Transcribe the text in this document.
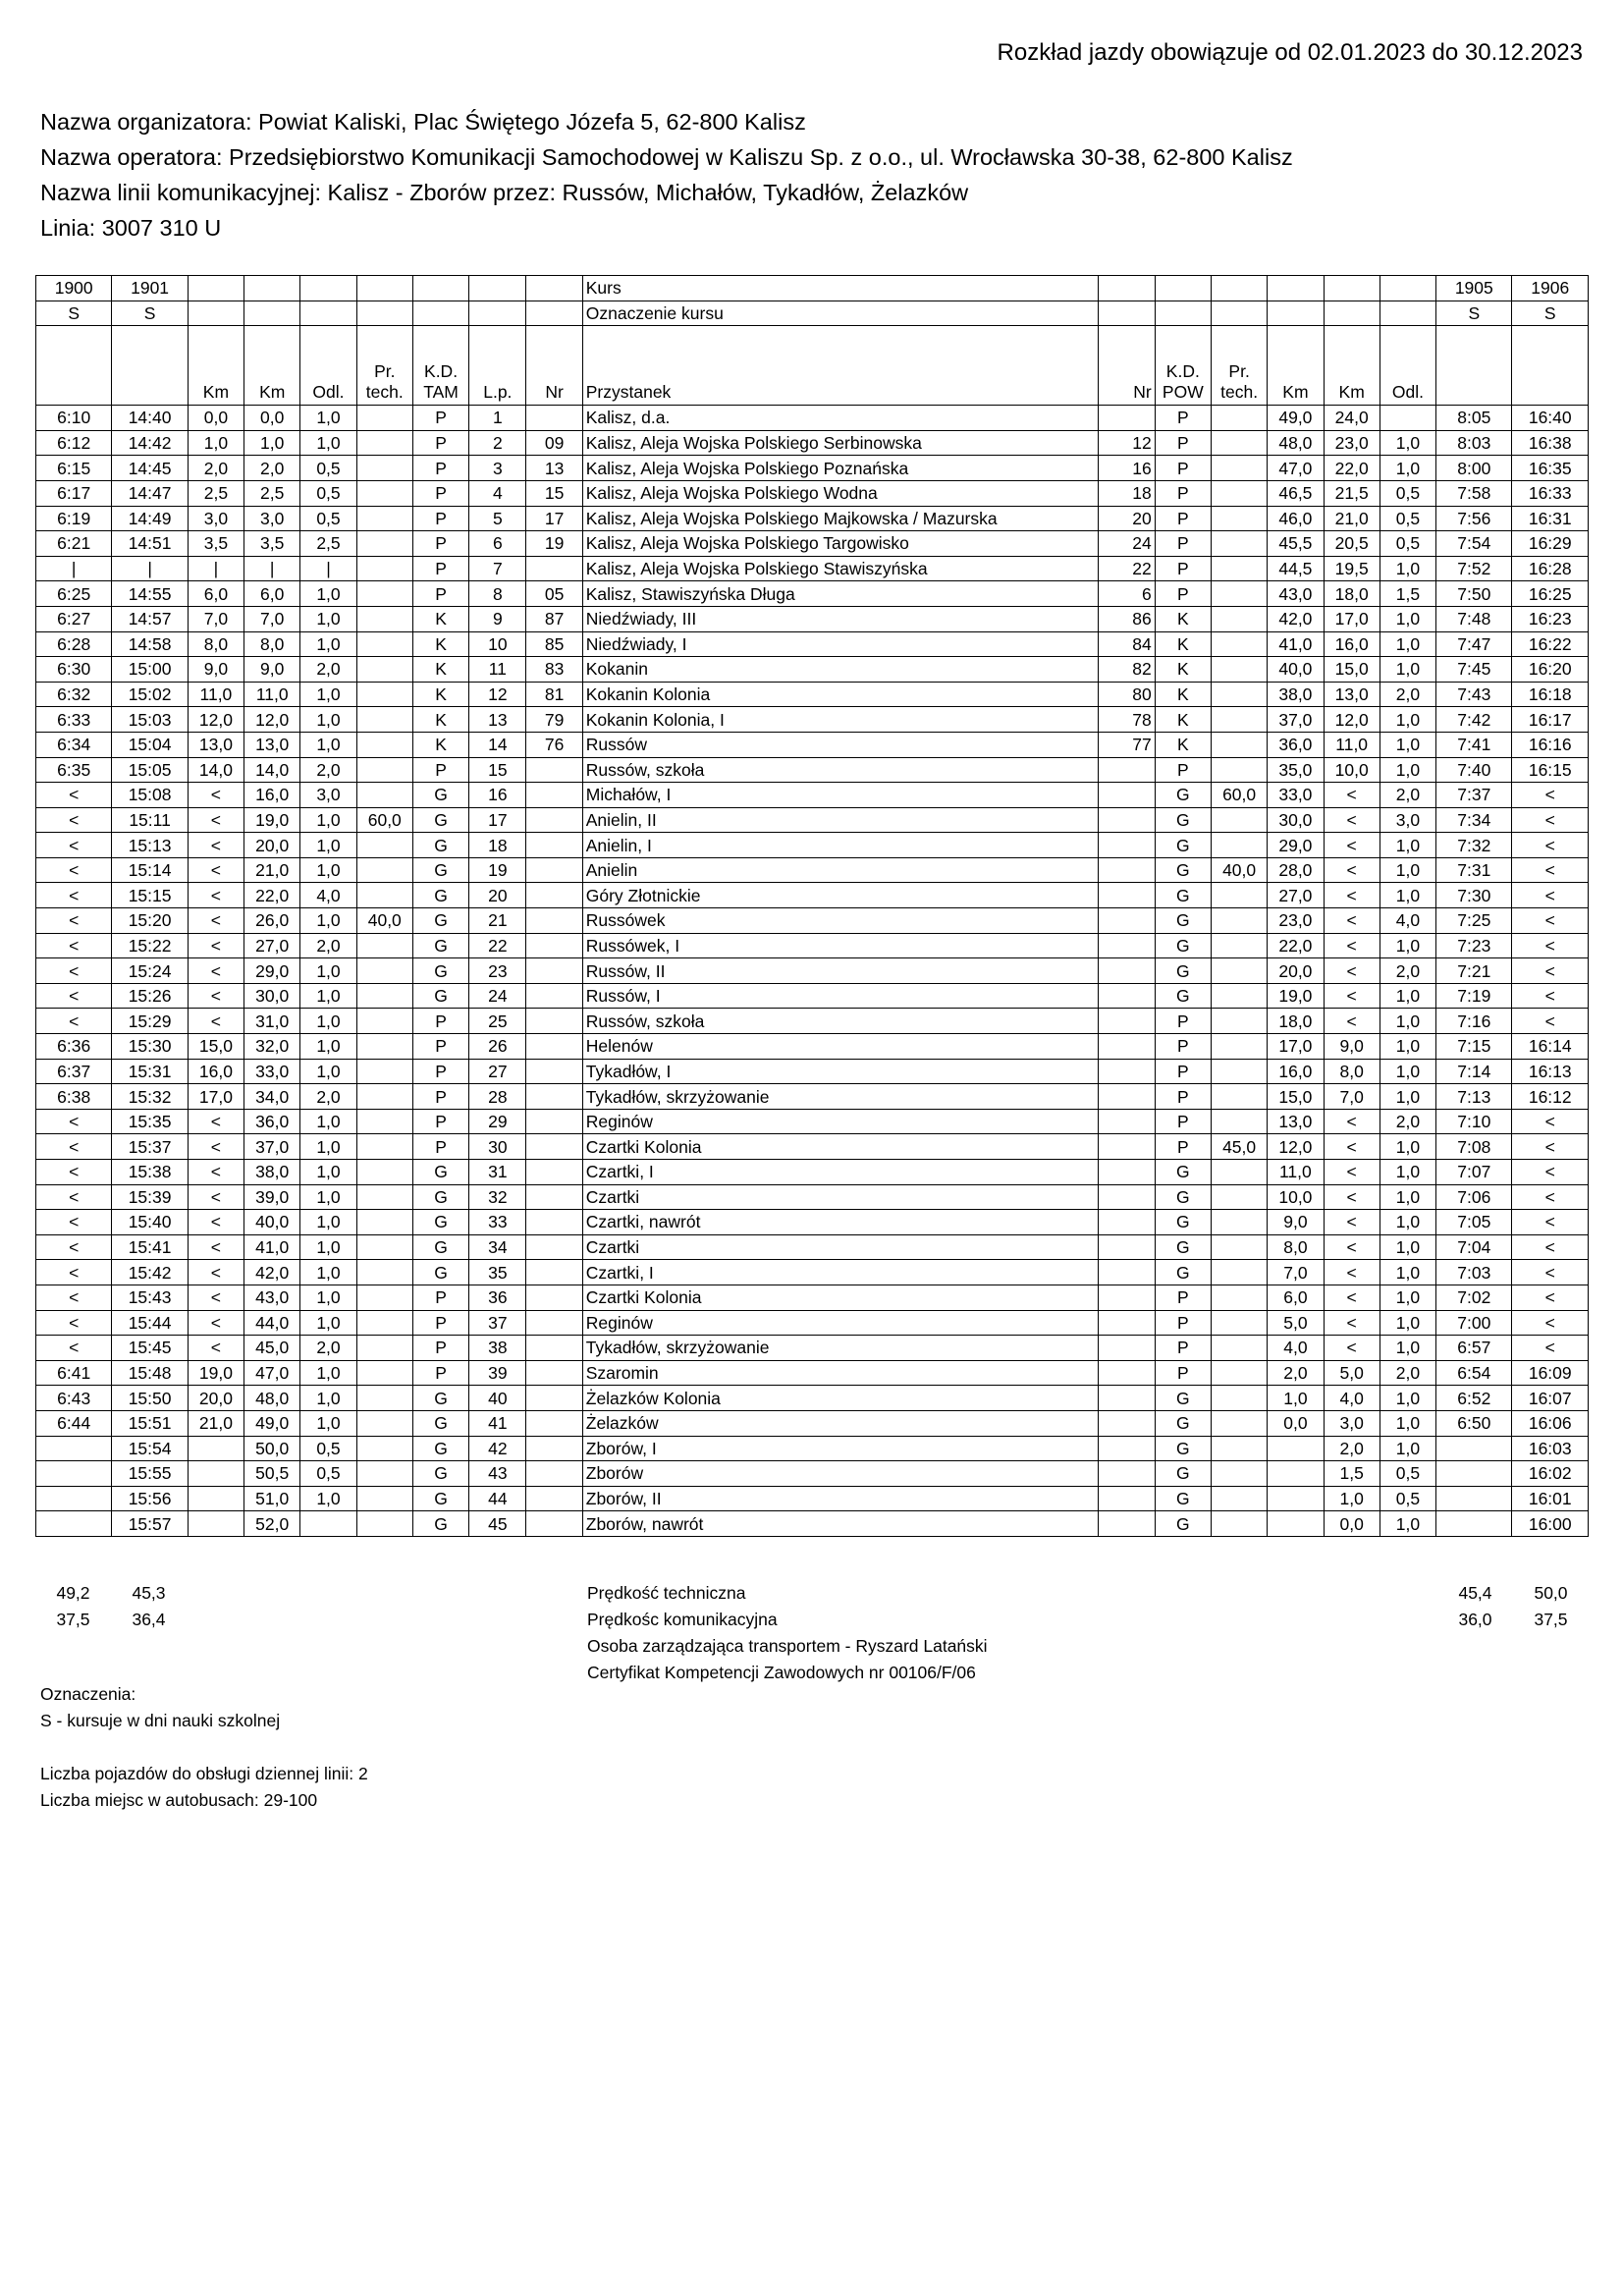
Rozkład jazdy obowiązuje od 02.01.2023 do 30.12.2023
Nazwa organizatora: Powiat Kaliski, Plac Świętego Józefa 5, 62-800 Kalisz
Nazwa operatora: Przedsiębiorstwo Komunikacji Samochodowej w Kaliszu Sp. z o.o., ul. Wrocławska 30-38, 62-800 Kalisz
Nazwa linii komunikacyjnej: Kalisz - Zborów przez: Russów, Michałów, Tykadłów, Żelazków
Linia: 3007 310 U
1900	1901								Kurs							1905	1906
S	S								Oznaczenie kursu							S	S
		Km	Km	Odl.	Pr. tech.	K.D. TAM	L.p.	Nr	Przystanek	Nr	K.D. POW	Pr. tech.	Km	Km	Odl.		
6:10	14:40	0,0	0,0	1,0		P	1		Kalisz, d.a.		P		49,0	24,0		8:05	16:40
6:12	14:42	1,0	1,0	1,0		P	2	09	Kalisz, Aleja Wojska Polskiego Serbinowska	12	P		48,0	23,0	1,0	8:03	16:38
6:15	14:45	2,0	2,0	0,5		P	3	13	Kalisz, Aleja Wojska Polskiego Poznańska	16	P		47,0	22,0	1,0	8:00	16:35
6:17	14:47	2,5	2,5	0,5		P	4	15	Kalisz, Aleja Wojska Polskiego Wodna	18	P		46,5	21,5	0,5	7:58	16:33
6:19	14:49	3,0	3,0	0,5		P	5	17	Kalisz, Aleja Wojska Polskiego Majkowska / Mazurska	20	P		46,0	21,0	0,5	7:56	16:31
6:21	14:51	3,5	3,5	2,5		P	6	19	Kalisz, Aleja Wojska Polskiego Targowisko	24	P		45,5	20,5	0,5	7:54	16:29
|	|	|	|	|		P	7		Kalisz, Aleja Wojska Polskiego Stawiszyńska	22	P		44,5	19,5	1,0	7:52	16:28
6:25	14:55	6,0	6,0	1,0		P	8	05	Kalisz, Stawiszyńska Długa	6	P		43,0	18,0	1,5	7:50	16:25
6:27	14:57	7,0	7,0	1,0		K	9	87	Niedźwiady, III	86	K		42,0	17,0	1,0	7:48	16:23
6:28	14:58	8,0	8,0	1,0		K	10	85	Niedźwiady, I	84	K		41,0	16,0	1,0	7:47	16:22
6:30	15:00	9,0	9,0	2,0		K	11	83	Kokanin	82	K		40,0	15,0	1,0	7:45	16:20
6:32	15:02	11,0	11,0	1,0		K	12	81	Kokanin Kolonia	80	K		38,0	13,0	2,0	7:43	16:18
6:33	15:03	12,0	12,0	1,0		K	13	79	Kokanin Kolonia, I	78	K		37,0	12,0	1,0	7:42	16:17
6:34	15:04	13,0	13,0	1,0		K	14	76	Russów	77	K		36,0	11,0	1,0	7:41	16:16
6:35	15:05	14,0	14,0	2,0		P	15		Russów, szkoła		P		35,0	10,0	1,0	7:40	16:15
<	15:08	<	16,0	3,0		G	16		Michałów, I		G	60,0	33,0	<	2,0	7:37	<
<	15:11	<	19,0	1,0	60,0	G	17		Anielin, II		G		30,0	<	3,0	7:34	<
<	15:13	<	20,0	1,0		G	18		Anielin, I		G		29,0	<	1,0	7:32	<
<	15:14	<	21,0	1,0		G	19		Anielin		G	40,0	28,0	<	1,0	7:31	<
<	15:15	<	22,0	4,0		G	20		Góry Złotnickie		G		27,0	<	1,0	7:30	<
<	15:20	<	26,0	1,0	40,0	G	21		Russówek		G		23,0	<	4,0	7:25	<
<	15:22	<	27,0	2,0		G	22		Russówek, I		G		22,0	<	1,0	7:23	<
<	15:24	<	29,0	1,0		G	23		Russów, II		G		20,0	<	2,0	7:21	<
<	15:26	<	30,0	1,0		G	24		Russów, I		G		19,0	<	1,0	7:19	<
<	15:29	<	31,0	1,0		P	25		Russów, szkoła		P		18,0	<	1,0	7:16	<
6:36	15:30	15,0	32,0	1,0		P	26		Helenów		P		17,0	9,0	1,0	7:15	16:14
6:37	15:31	16,0	33,0	1,0		P	27		Tykadłów, I		P		16,0	8,0	1,0	7:14	16:13
6:38	15:32	17,0	34,0	2,0		P	28		Tykadłów, skrzyżowanie		P		15,0	7,0	1,0	7:13	16:12
<	15:35	<	36,0	1,0		P	29		Reginów		P		13,0	<	2,0	7:10	<
<	15:37	<	37,0	1,0		P	30		Czartki Kolonia		P	45,0	12,0	<	1,0	7:08	<
<	15:38	<	38,0	1,0		G	31		Czartki, I		G		11,0	<	1,0	7:07	<
<	15:39	<	39,0	1,0		G	32		Czartki		G		10,0	<	1,0	7:06	<
<	15:40	<	40,0	1,0		G	33		Czartki, nawrót		G		9,0	<	1,0	7:05	<
<	15:41	<	41,0	1,0		G	34		Czartki		G		8,0	<	1,0	7:04	<
<	15:42	<	42,0	1,0		G	35		Czartki, I		G		7,0	<	1,0	7:03	<
<	15:43	<	43,0	1,0		P	36		Czartki Kolonia		P		6,0	<	1,0	7:02	<
<	15:44	<	44,0	1,0		P	37		Reginów		P		5,0	<	1,0	7:00	<
<	15:45	<	45,0	2,0		P	38		Tykadłów, skrzyżowanie		P		4,0	<	1,0	6:57	<
6:41	15:48	19,0	47,0	1,0		P	39		Szaromin		P		2,0	5,0	2,0	6:54	16:09
6:43	15:50	20,0	48,0	1,0		G	40		Żelazków Kolonia		G		1,0	4,0	1,0	6:52	16:07
6:44	15:51	21,0	49,0	1,0		G	41		Żelazków		G		0,0	3,0	1,0	6:50	16:06
	15:54		50,0	0,5		G	42		Zborów, I		G			2,0	1,0		16:03
	15:55		50,5	0,5		G	43		Zborów		G			1,5	0,5		16:02
	15:56		51,0	1,0		G	44		Zborów, II		G			1,0	0,5		16:01
	15:57		52,0			G	45		Zborów, nawrót		G			0,0	1,0		16:00
49,2	45,3
37,5	36,4
Prędkość techniczna
Prędkośc komunikacyjna
Osoba zarządzająca transportem - Ryszard Latański
Certyfikat Kompetencji Zawodowych nr 00106/F/06
45,4	50,0
36,0	37,5
Oznaczenia:
S - kursuje w dni nauki szkolnej
Liczba pojazdów do obsługi dziennej linii: 2
Liczba miejsc w autobusach: 29-100
